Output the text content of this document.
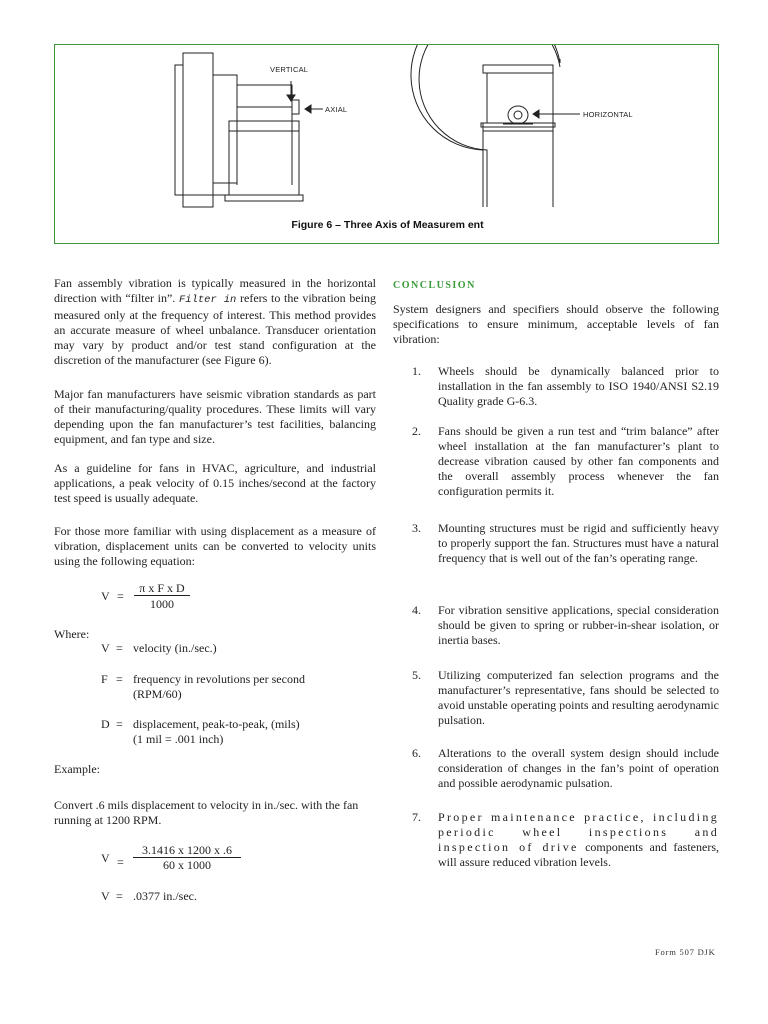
VERTICAL
AXIAL
HORIZONTAL
Figure 6 – Three Axis of Measurem ent

Fan assembly vibration is typically measured in the horizontal direction with “filter in”. Filter in refers to the vibration being measured only at the frequency of interest. This method provides an accurate measure of wheel unbalance. Transducer orientation may vary by product and/or test stand configuration at the discretion of the manufacturer (see Figure 6).

Major fan manufacturers have seismic vibration standards as part of their manufacturing/quality procedures. These limits will vary depending upon the fan manufacturer’s test facilities, balancing equipment, and fan type and size.

As a guideline for fans in HVAC, agriculture, and industrial applications, a peak velocity of 0.15 inches/second at the factory test speed is usually adequate.

For those more familiar with using displacement as a measure of vibration, displacement units can be converted to velocity units using the following equation:

V =
π x F x D
1000
Where:
V = velocity (in./sec.)
F = frequency in revolutions per second
(RPM/60)
D = displacement, peak-to-peak, (mils)
(1 mil = .001 inch)
Example:

Convert .6 mils displacement to velocity in in./sec. with the fan running at 1200 RPM.

V =
3.1416 x 1200 x .6
60 x 1000
V = .0377 in./sec.
CONCLUSION

System designers and specifiers should observe the following specifications to ensure minimum, acceptable levels of fan vibration:

1. Wheels should be dynamically balanced prior to installation in the fan assembly to ISO 1940/ANSI S2.19 Quality grade G-6.3.

2. Fans should be given a run test and “trim balance” after wheel installation at the fan manufacturer’s plant to decrease vibration caused by other fan components and the overall assembly process whenever the fan configuration permits it.

3. Mounting structures must be rigid and sufficiently heavy to properly support the fan. Structures must have a natural frequency that is well out of the fan’s operating range.

4. For vibration sensitive applications, special consideration should be given to spring or rubber-in-shear isolation, or inertia bases.

5. Utilizing computerized fan selection programs and the manufacturer’s representative, fans should be selected to avoid unstable operating points and resulting aerodynamic pulsation.

6. Alterations to the overall system design should include consideration of changes in the fan’s point of operation and possible aerodynamic pulsation.

7. Proper maintenance practice, including periodic wheel inspections and inspection of drive components and fasteners, will assure reduced vibration levels.

Form 507 DJK
